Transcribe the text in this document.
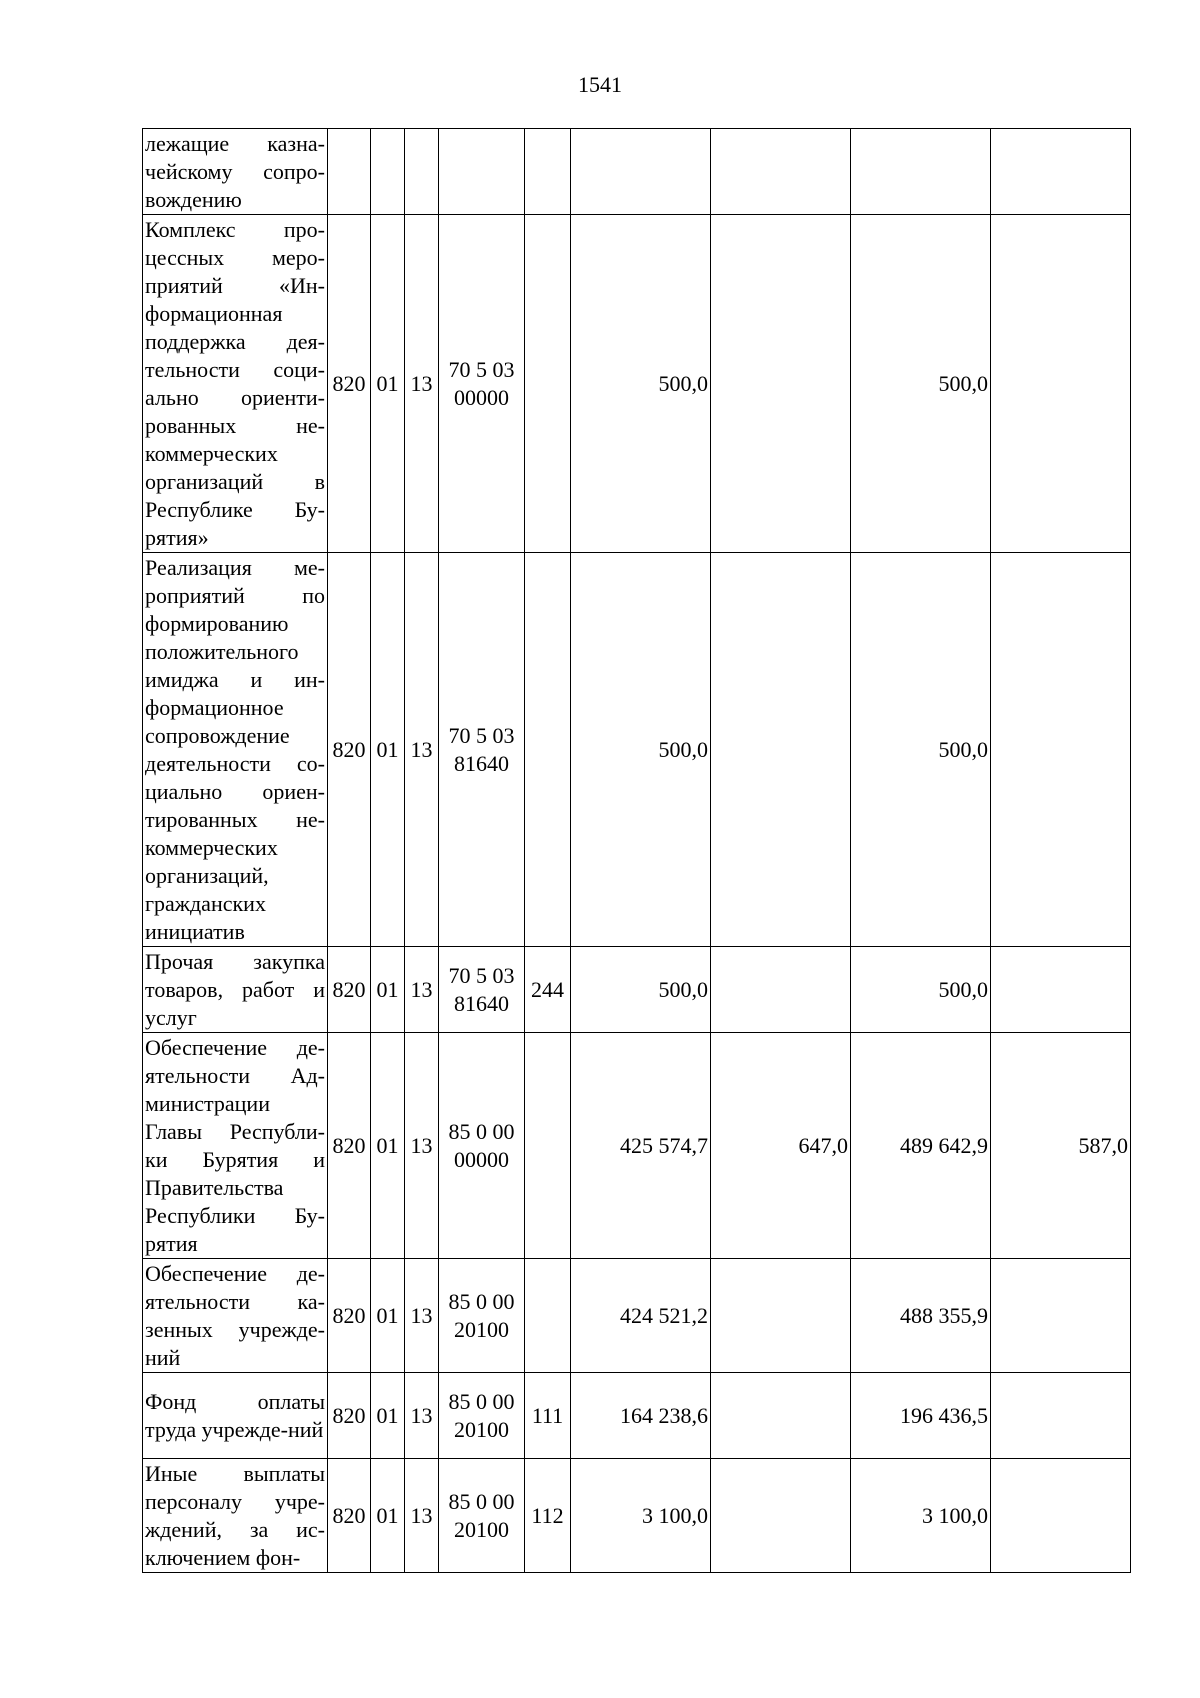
1541
лежащие казна-чейскому сопро-вождению									
Комплекс про-цессных меро-приятий «Ин-формационная поддержка дея-тельности соци-ально ориенти-рованных не-коммерческих организаций в Республике Бу-рятия»	820	01	13	70 5 03 00000		500,0		500,0	
Реализация ме-роприятий по формированию положительного имиджа и ин-формационное сопровождение деятельности со-циально ориен-тированных не-коммерческих организаций, гражданских инициатив	820	01	13	70 5 03 81640		500,0		500,0	
Прочая закупка товаров, работ и услуг	820	01	13	70 5 03 81640	244	500,0		500,0	
Обеспечение де-ятельности Ад-министрации Главы Республи-ки Бурятия и Правительства Республики Бу-рятия	820	01	13	85 0 00 00000		425 574,7	647,0	489 642,9	587,0
Обеспечение де-ятельности ка-зенных учрежде-ний	820	01	13	85 0 00 20100		424 521,2		488 355,9	
Фонд оплаты труда учрежде-ний	820	01	13	85 0 00 20100	111	164 238,6		196 436,5	
Иные выплаты персоналу учре-ждений, за ис-ключением фон-	820	01	13	85 0 00 20100	112	3 100,0		3 100,0	
